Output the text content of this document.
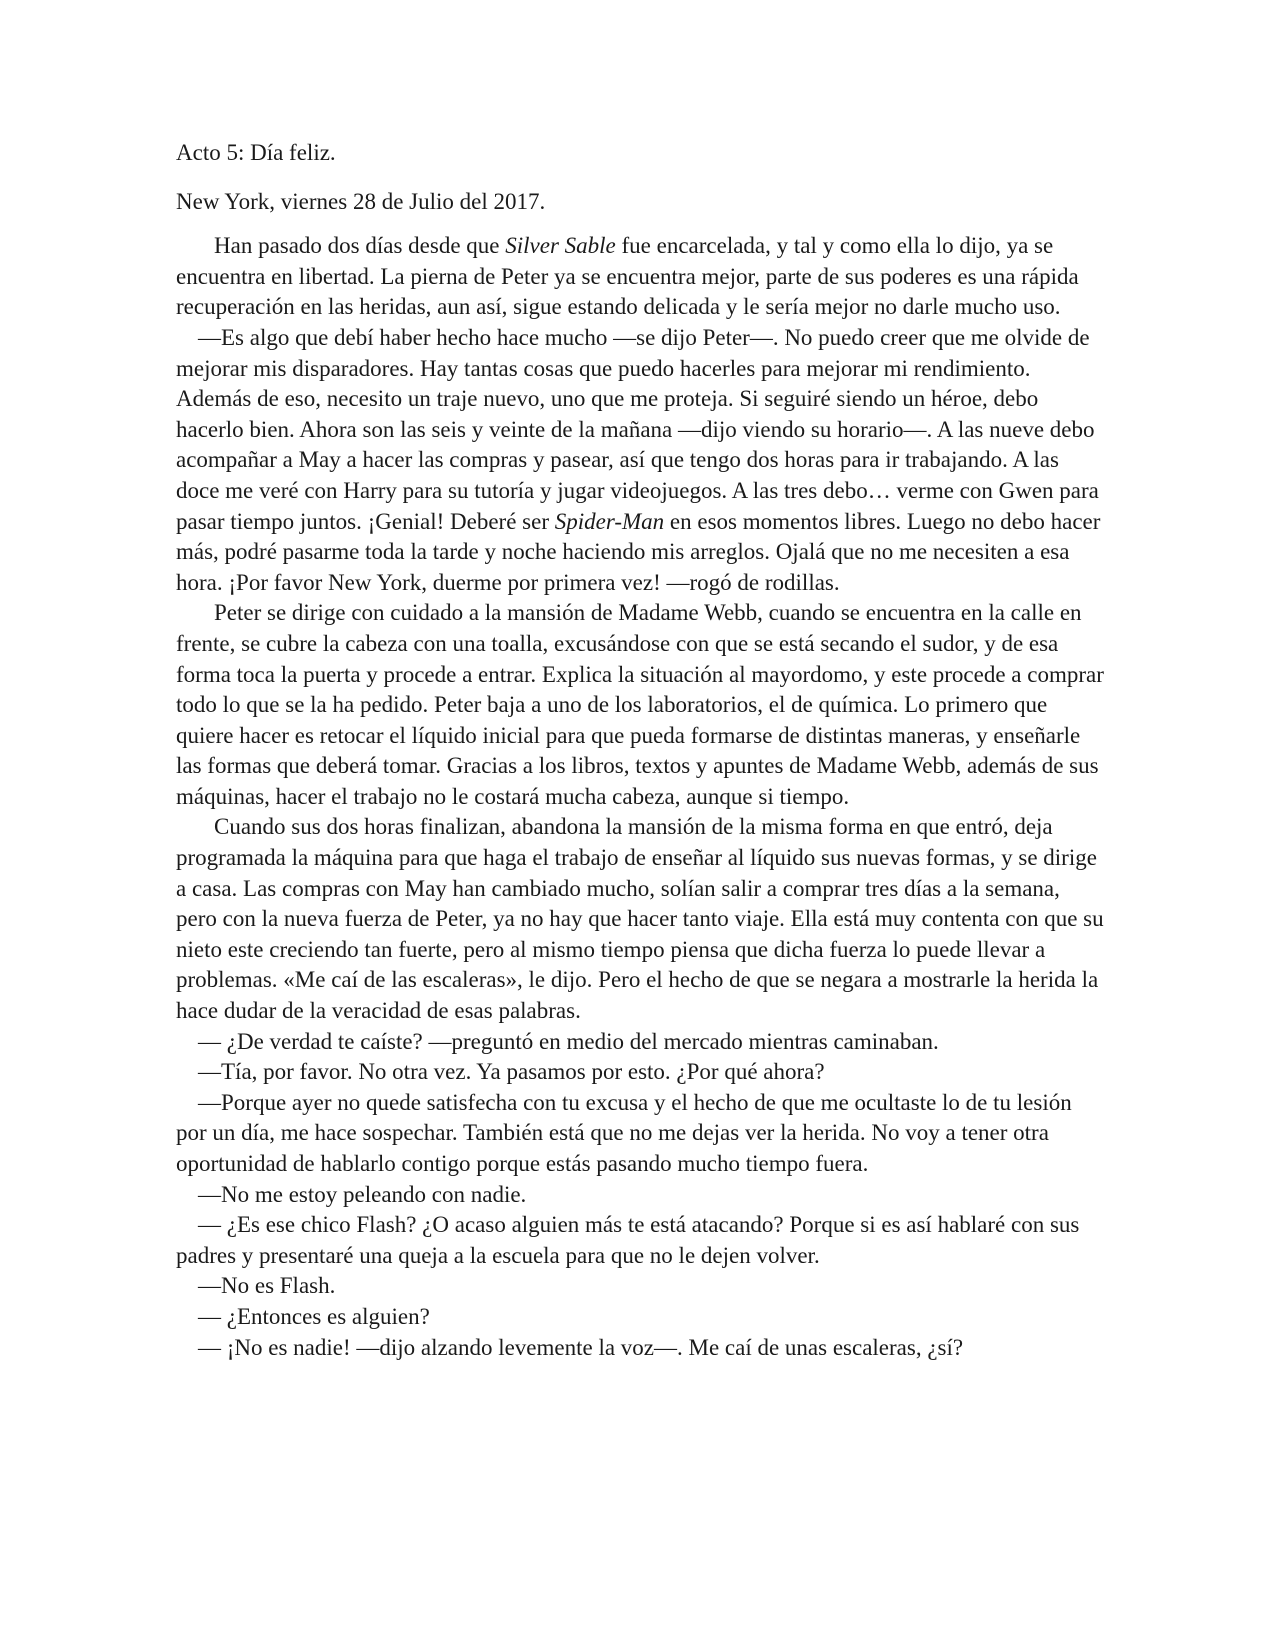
Acto 5: Día feliz.

New York, viernes 28 de Julio del 2017.

Han pasado dos días desde que Silver Sable fue encarcelada, y tal y como ella lo dijo, ya se encuentra en libertad. La pierna de Peter ya se encuentra mejor, parte de sus poderes es una rápida recuperación en las heridas, aun así, sigue estando delicada y le sería mejor no darle mucho uso.

—Es algo que debí haber hecho hace mucho —se dijo Peter—. No puedo creer que me olvide de mejorar mis disparadores. Hay tantas cosas que puedo hacerles para mejorar mi rendimiento. Además de eso, necesito un traje nuevo, uno que me proteja. Si seguiré siendo un héroe, debo hacerlo bien. Ahora son las seis y veinte de la mañana —dijo viendo su horario—. A las nueve debo acompañar a May a hacer las compras y pasear, así que tengo dos horas para ir trabajando. A las doce me veré con Harry para su tutoría y jugar videojuegos. A las tres debo… verme con Gwen para pasar tiempo juntos. ¡Genial! Deberé ser Spider-Man en esos momentos libres. Luego no debo hacer más, podré pasarme toda la tarde y noche haciendo mis arreglos. Ojalá que no me necesiten a esa hora. ¡Por favor New York, duerme por primera vez! —rogó de rodillas.

Peter se dirige con cuidado a la mansión de Madame Webb, cuando se encuentra en la calle en frente, se cubre la cabeza con una toalla, excusándose con que se está secando el sudor, y de esa forma toca la puerta y procede a entrar. Explica la situación al mayordomo, y este procede a comprar todo lo que se la ha pedido. Peter baja a uno de los laboratorios, el de química. Lo primero que quiere hacer es retocar el líquido inicial para que pueda formarse de distintas maneras, y enseñarle las formas que deberá tomar. Gracias a los libros, textos y apuntes de Madame Webb, además de sus máquinas, hacer el trabajo no le costará mucha cabeza, aunque si tiempo.

Cuando sus dos horas finalizan, abandona la mansión de la misma forma en que entró, deja programada la máquina para que haga el trabajo de enseñar al líquido sus nuevas formas, y se dirige a casa. Las compras con May han cambiado mucho, solían salir a comprar tres días a la semana, pero con la nueva fuerza de Peter, ya no hay que hacer tanto viaje. Ella está muy contenta con que su nieto este creciendo tan fuerte, pero al mismo tiempo piensa que dicha fuerza lo puede llevar a problemas. «Me caí de las escaleras», le dijo. Pero el hecho de que se negara a mostrarle la herida la hace dudar de la veracidad de esas palabras.

— ¿De verdad te caíste? —preguntó en medio del mercado mientras caminaban.

—Tía, por favor. No otra vez. Ya pasamos por esto. ¿Por qué ahora?

—Porque ayer no quede satisfecha con tu excusa y el hecho de que me ocultaste lo de tu lesión por un día, me hace sospechar. También está que no me dejas ver la herida. No voy a tener otra oportunidad de hablarlo contigo porque estás pasando mucho tiempo fuera.

—No me estoy peleando con nadie.

— ¿Es ese chico Flash? ¿O acaso alguien más te está atacando? Porque si es así hablaré con sus padres y presentaré una queja a la escuela para que no le dejen volver.

—No es Flash.

— ¿Entonces es alguien?

— ¡No es nadie! —dijo alzando levemente la voz—. Me caí de unas escaleras, ¿sí?
